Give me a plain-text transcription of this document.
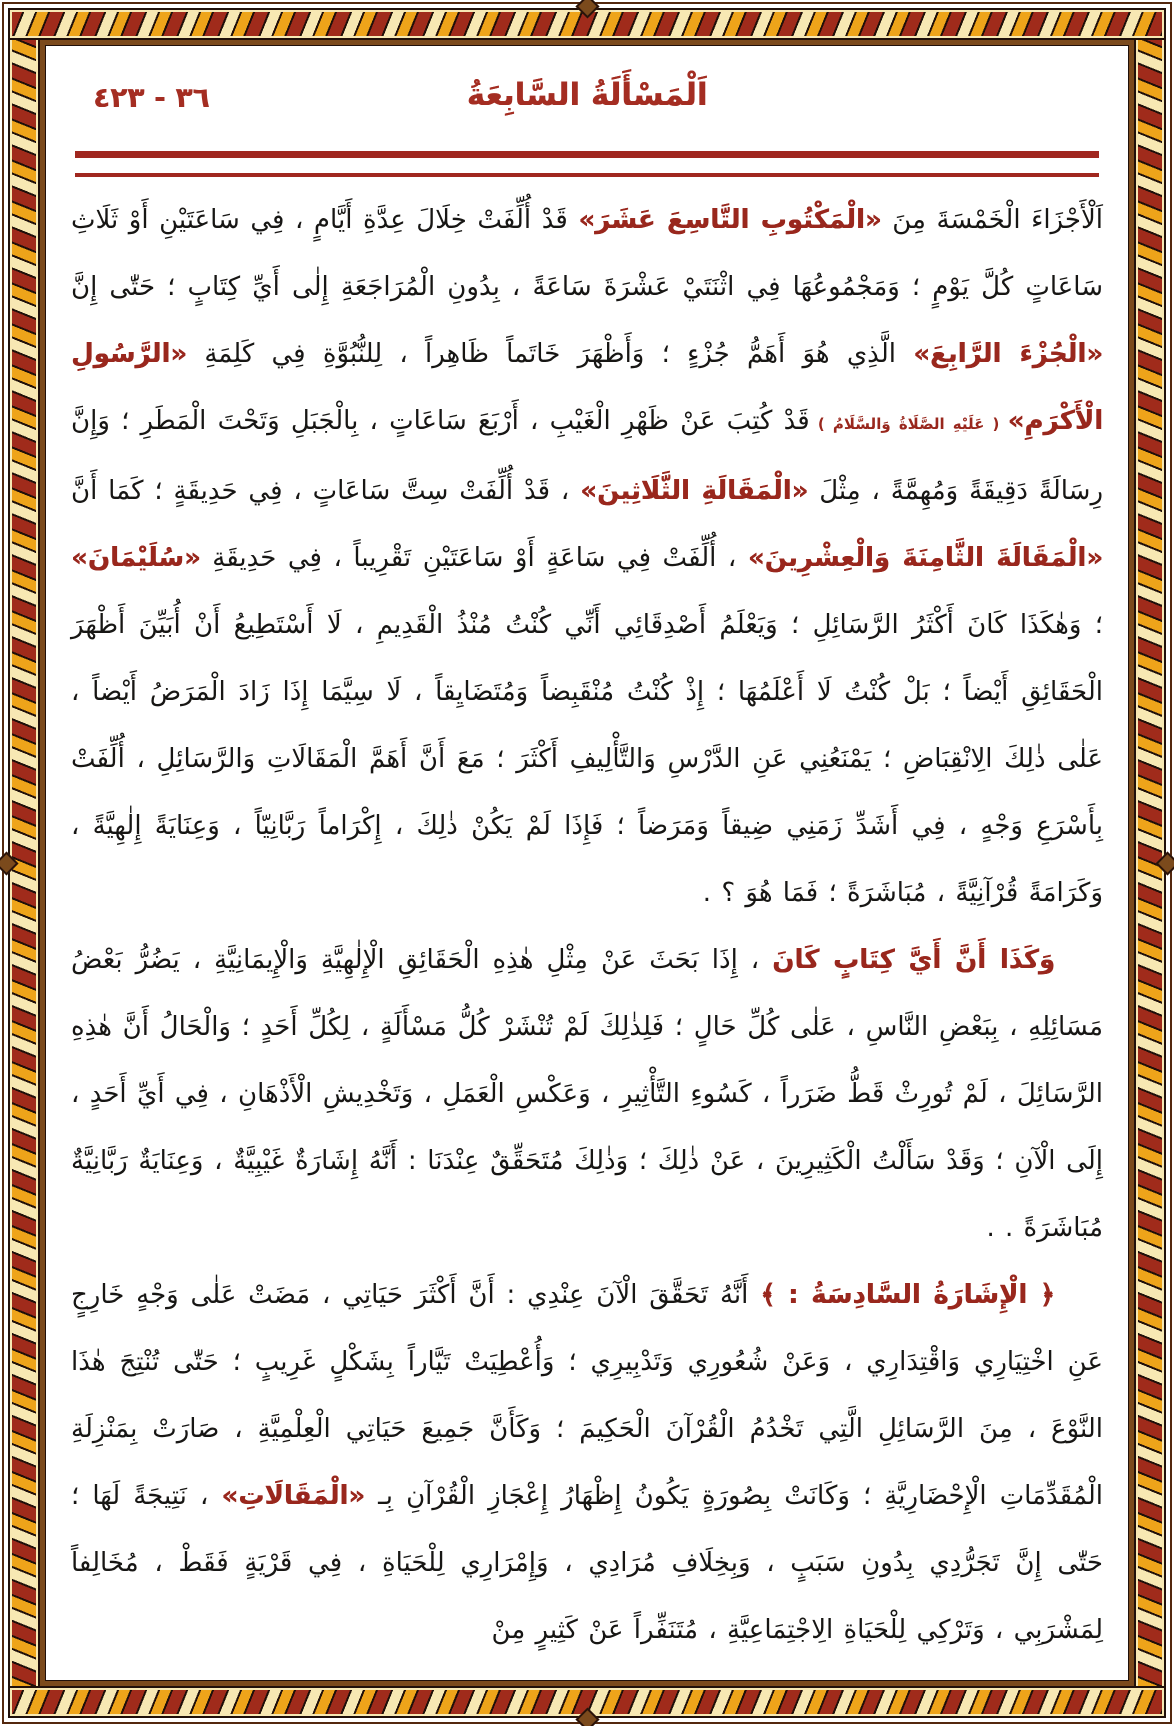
٣٦ - ٤٢٣	اَلْمَسْأَلَةُ السَّابِعَةُ

اَلْأَجْزَاءَ الْخَمْسَةَ مِنَ «الْمَكْتُوبِ التَّاسِعَ عَشَرَ» قَدْ أُلِّفَتْ خِلَالَ عِدَّةِ أَيَّامٍ ، فِي سَاعَتَيْنِ أَوْ ثَلَاثِ سَاعَاتٍ كُلَّ يَوْمٍ ؛ وَمَجْمُوعُهَا فِي اثْنَتَيْ عَشْرَةَ سَاعَةً ، بِدُونِ الْمُرَاجَعَةِ إِلٰى أَيِّ كِتَابٍ ؛ حَتّٰى إِنَّ «الْجُزْءَ الرَّابِعَ» الَّذِي هُوَ أَهَمُّ جُزْءٍ ؛ وَأَظْهَرَ خَاتَماً ظَاهِراً ، لِلنُّبُوَّةِ فِي كَلِمَةِ «الرَّسُولِ الْأَكْرَمِ» ( عَلَيْهِ الصَّلَاةُ وَالسَّلَامُ ) قَدْ كُتِبَ عَنْ ظَهْرِ الْغَيْبِ ، أَرْبَعَ سَاعَاتٍ ، بِالْجَبَلِ وَتَحْتَ الْمَطَرِ ؛ وَإِنَّ رِسَالَةً دَقِيقَةً وَمُهِمَّةً ، مِثْلَ «الْمَقَالَةِ الثَّلَاثِينَ» ، قَدْ أُلِّفَتْ سِتَّ سَاعَاتٍ ، فِي حَدِيقَةٍ ؛ كَمَا أَنَّ «الْمَقَالَةَ الثَّامِنَةَ وَالْعِشْرِينَ» ، أُلِّفَتْ فِي سَاعَةٍ أَوْ سَاعَتَيْنِ تَقْرِيباً ، فِي حَدِيقَةِ «سُلَيْمَانَ» ؛ وَهٰكَذَا كَانَ أَكْثَرُ الرَّسَائِلِ ؛ وَيَعْلَمُ أَصْدِقَائِي أَنِّي كُنْتُ مُنْذُ الْقَدِيمِ ، لَا أَسْتَطِيعُ أَنْ أُبَيِّنَ أَظْهَرَ الْحَقَائِقِ أَيْضاً ؛ بَلْ كُنْتُ لَا أَعْلَمُهَا ؛ إِذْ كُنْتُ مُنْقَبِضاً وَمُتَضَايِقاً ، لَا سِيَّمَا إِذَا زَادَ الْمَرَضُ أَيْضاً ، عَلٰى ذٰلِكَ الِانْقِبَاضِ ؛ يَمْنَعُنِي عَنِ الدَّرْسِ وَالتَّأْلِيفِ أَكْثَرَ ؛ مَعَ أَنَّ أَهَمَّ الْمَقَالَاتِ وَالرَّسَائِلِ ، أُلِّفَتْ بِأَسْرَعِ وَجْهٍ ، فِي أَشَدِّ زَمَنِي ضِيقاً وَمَرَضاً ؛ فَإِذَا لَمْ يَكُنْ ذٰلِكَ ، إِكْرَاماً رَبَّانِيّاً ، وَعِنَايَةً إِلٰهِيَّةً ، وَكَرَامَةً قُرْآنِيَّةً ، مُبَاشَرَةً ؛ فَمَا هُوَ ؟ .

وَكَذَا أَنَّ أَيَّ كِتَابٍ كَانَ ، إِذَا بَحَثَ عَنْ مِثْلِ هٰذِهِ الْحَقَائِقِ الْإِلٰهِيَّةِ وَالْإِيمَانِيَّةِ ، يَضُرُّ بَعْضُ مَسَائِلِهِ ، بِبَعْضِ النَّاسِ ، عَلٰى كُلِّ حَالٍ ؛ فَلِذٰلِكَ لَمْ تُنْشَرْ كُلُّ مَسْأَلَةٍ ، لِكُلِّ أَحَدٍ ؛ وَالْحَالُ أَنَّ هٰذِهِ الرَّسَائِلَ ، لَمْ تُورِثْ قَطُّ ضَرَراً ، كَسُوءِ التَّأْثِيرِ ، وَعَكْسِ الْعَمَلِ ، وَتَخْدِيشِ الْأَذْهَانِ ، فِي أَيِّ أَحَدٍ ، إِلَى الْآنِ ؛ وَقَدْ سَأَلْتُ الْكَثِيرِينَ ، عَنْ ذٰلِكَ ؛ وَذٰلِكَ مُتَحَقِّقٌ عِنْدَنَا : أَنَّهُ إِشَارَةٌ غَيْبِيَّةٌ ، وَعِنَايَةٌ رَبَّانِيَّةٌ مُبَاشَرَةً . .

﴿ الْإِشَارَةُ السَّادِسَةُ : ﴾ أَنَّهُ تَحَقَّقَ الْآنَ عِنْدِي : أَنَّ أَكْثَرَ حَيَاتِي ، مَضَتْ عَلٰى وَجْهٍ خَارِجٍ عَنِ اخْتِيَارِي وَاقْتِدَارِي ، وَعَنْ شُعُورِي وَتَدْبِيرِي ؛ وَأُعْطِيَتْ تَيَّاراً بِشَكْلٍ غَرِيبٍ ؛ حَتّٰى تُنْتِجَ هٰذَا النَّوْعَ ، مِنَ الرَّسَائِلِ الَّتِي تَخْدُمُ الْقُرْآنَ الْحَكِيمَ ؛ وَكَأَنَّ جَمِيعَ حَيَاتِي الْعِلْمِيَّةِ ، صَارَتْ بِمَنْزِلَةِ الْمُقَدِّمَاتِ الْإِحْضَارِيَّةِ ؛ وَكَانَتْ بِصُورَةٍ يَكُونُ إِظْهَارُ إِعْجَازِ الْقُرْآنِ بِـ «الْمَقَالَاتِ» ، نَتِيجَةً لَهَا ؛ حَتّٰى إِنَّ تَجَرُّدِي بِدُونِ سَبَبٍ ، وَبِخِلَافِ مُرَادِي ، وَإِمْرَارِي لِلْحَيَاةِ ، فِي قَرْيَةٍ فَقَطْ ، مُخَالِفاً لِمَشْرَبِي ، وَتَرْكِي لِلْحَيَاةِ الِاجْتِمَاعِيَّةِ ، مُتَنَفِّراً عَنْ كَثِيرٍ مِنْ
